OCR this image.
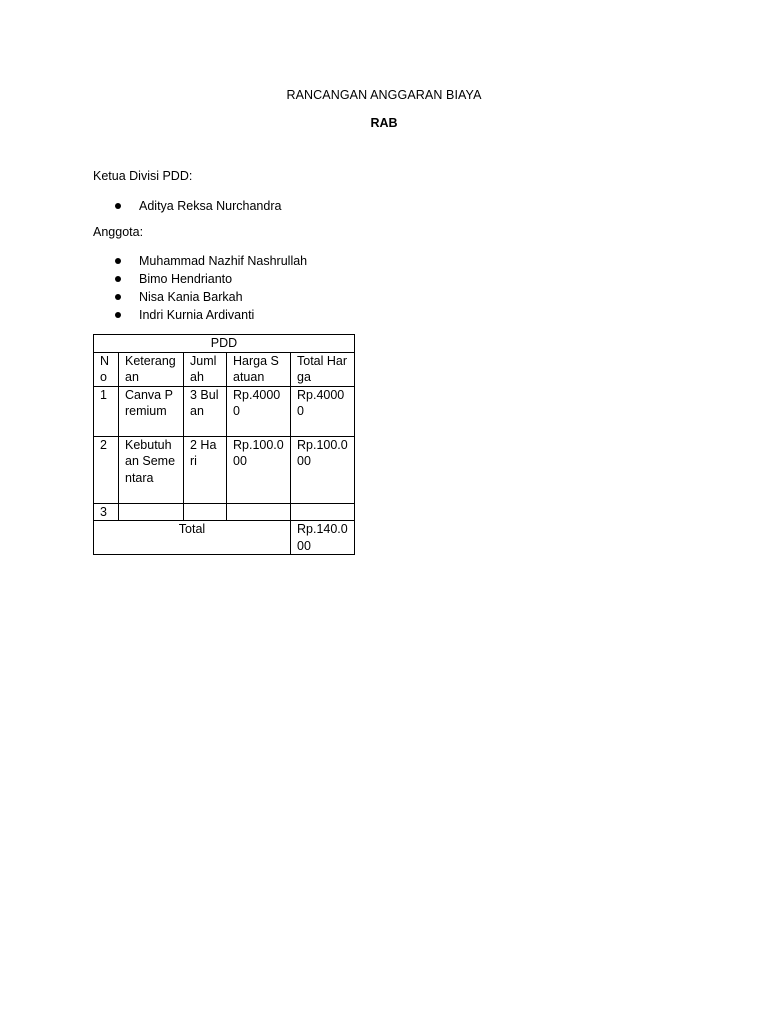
RANCANGAN ANGGARAN BIAYA
RAB

Ketua Divisi PDD:

Aditya Reksa Nurchandra

Anggota:

Muhammad Nazhif Nashrullah
Bimo Hendrianto
Nisa Kania Barkah
Indri Kurnia Ardivanti
PDD				
No	Keterangan	Jumlah	Harga Satuan	Total Harga
1	Canva Premium	3 Bulan	Rp.40000	Rp.40000
2	Kebutuhan Sementara	2 Hari	Rp.100.000	Rp.100.000
3				
Total				Rp.140.000
